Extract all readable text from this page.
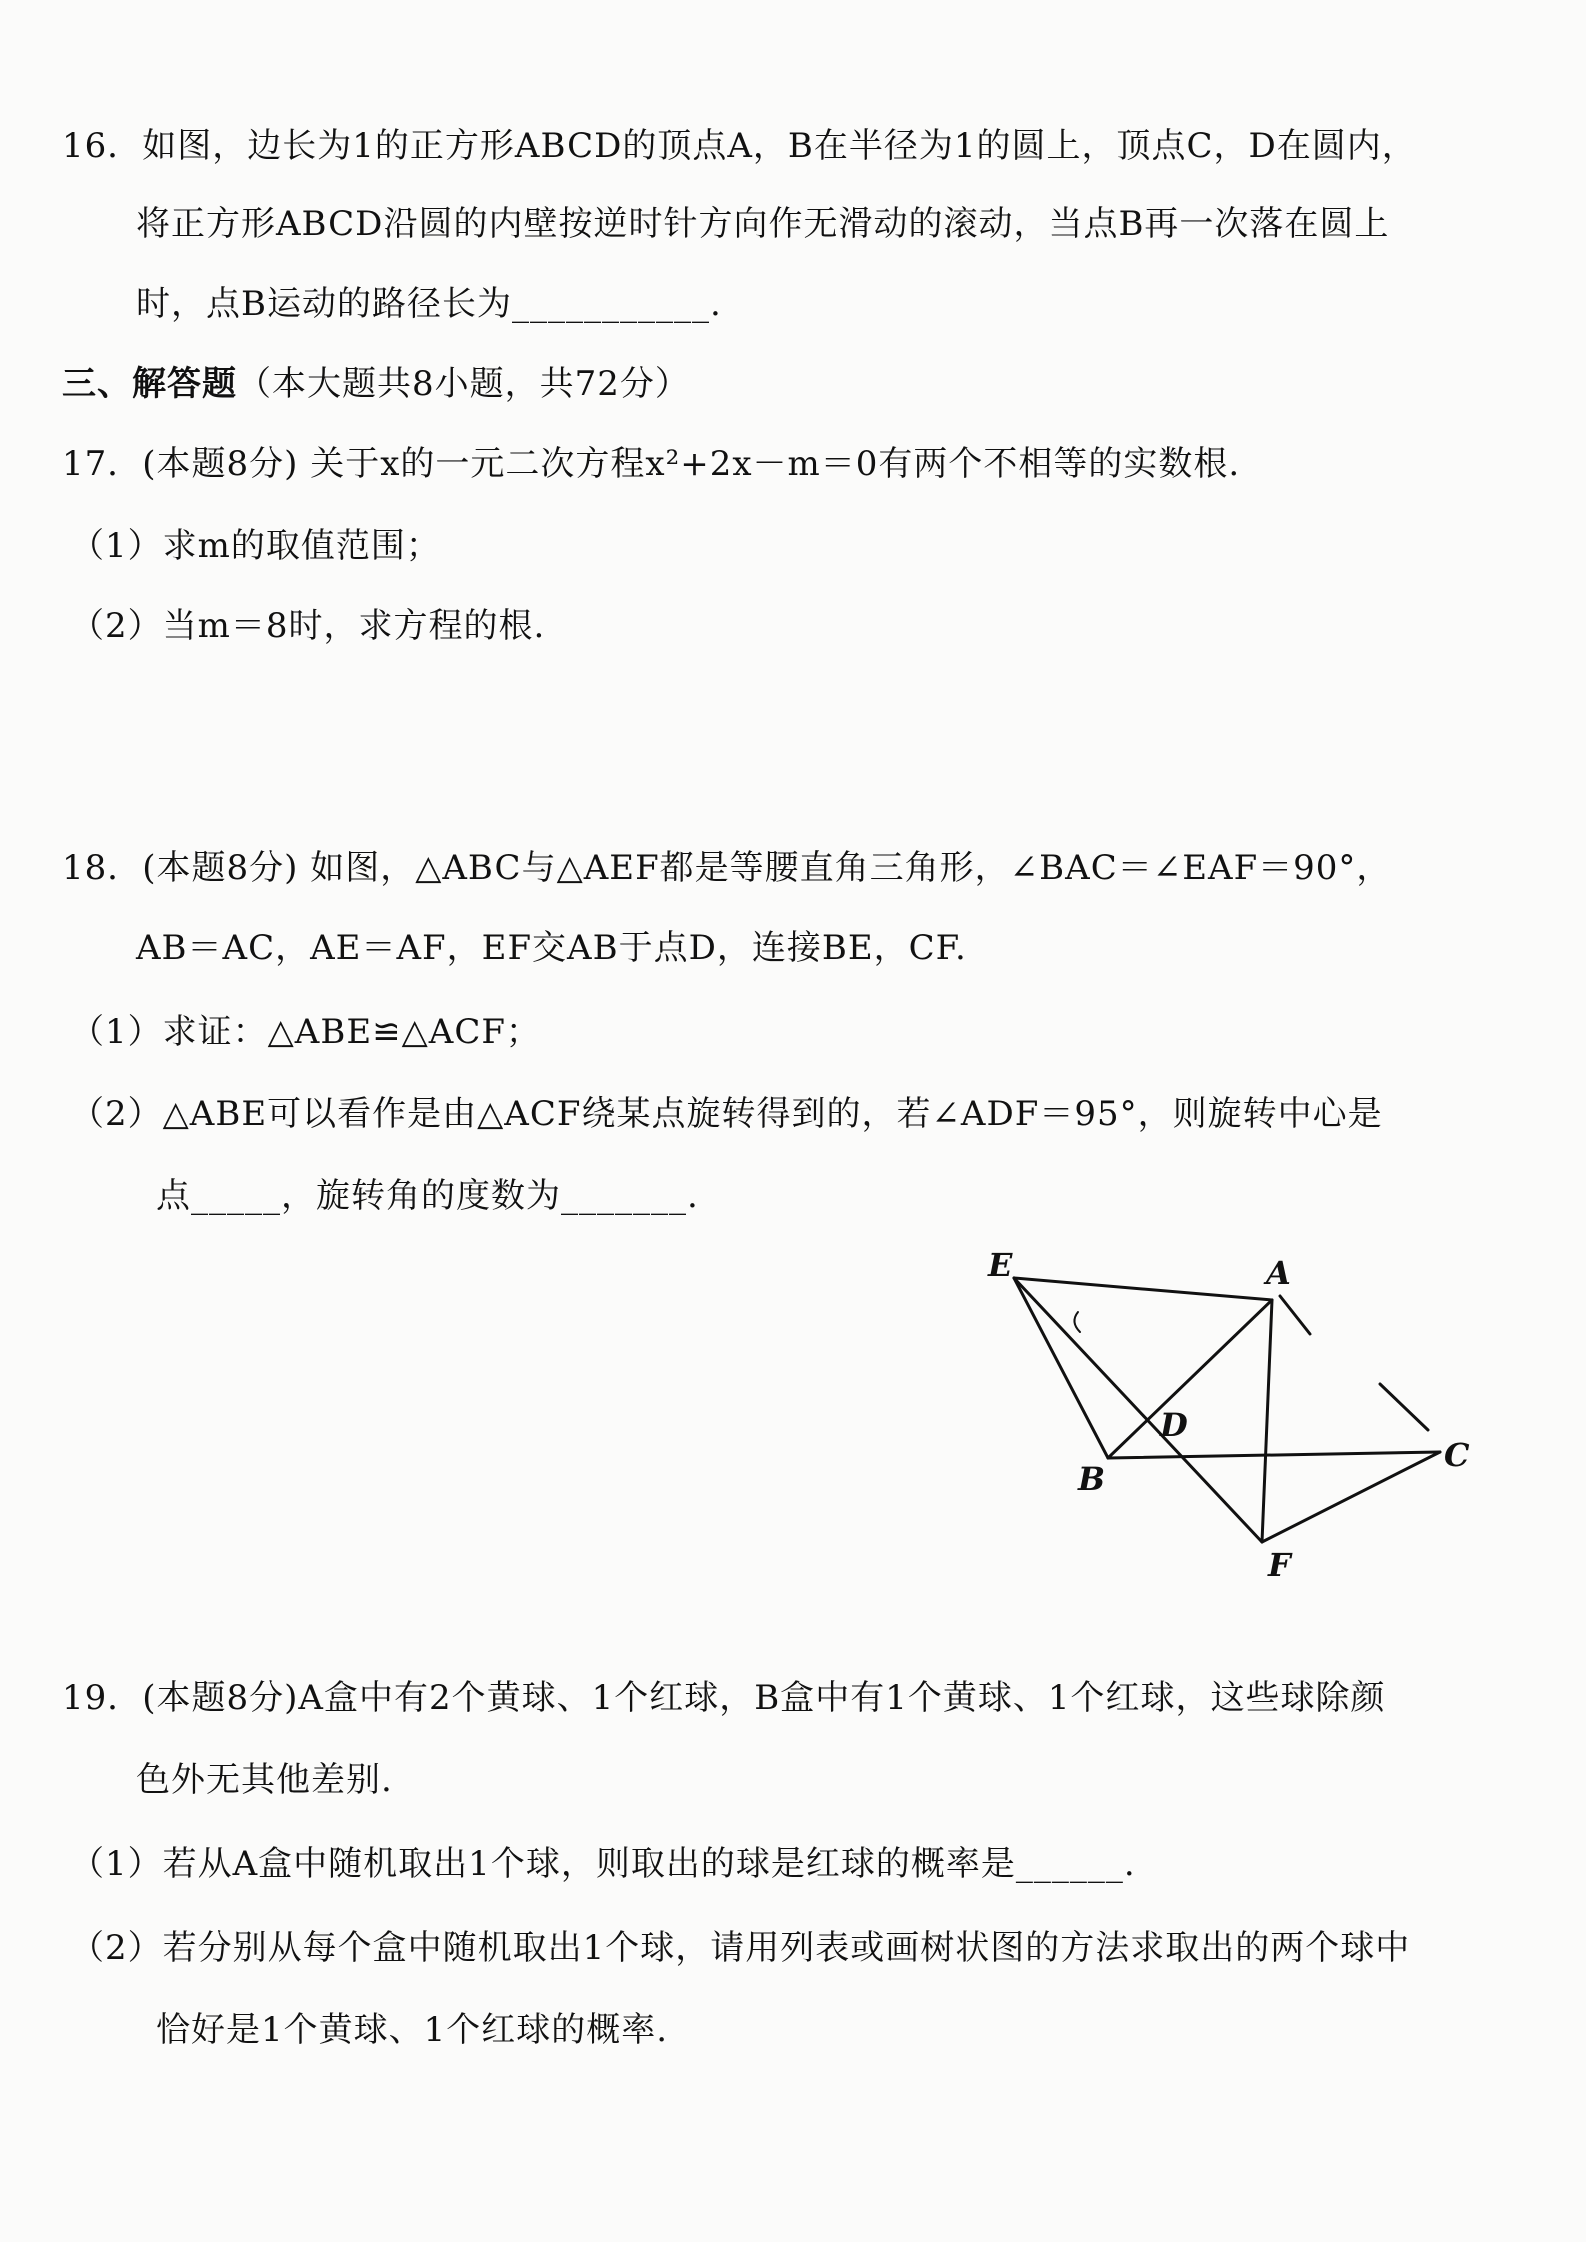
16．如图，边长为1的正方形ABCD的顶点A，B在半径为1的圆上，顶点C，D在圆内，
将正方形ABCD沿圆的内壁按逆时针方向作无滑动的滚动，当点B再一次落在圆上
时，点B运动的路径长为___________.
三、解答题（本大题共8小题，共72分）
17．(本题8分) 关于x的一元二次方程x²+2x－m＝0有两个不相等的实数根.
（1）求m的取值范围；
（2）当m＝8时，求方程的根.
18．(本题8分) 如图，△ABC与△AEF都是等腰直角三角形，∠BAC＝∠EAF＝90°，
AB＝AC，AE＝AF，EF交AB于点D，连接BE，CF.
（1）求证：△ABE≌△ACF；
（2）△ABE可以看作是由△ACF绕某点旋转得到的，若∠ADF＝95°，则旋转中心是
点_____，旋转角的度数为_______.
E	A
D
B
C
F
19．(本题8分)A盒中有2个黄球、1个红球，B盒中有1个黄球、1个红球，这些球除颜
色外无其他差别.
（1）若从A盒中随机取出1个球，则取出的球是红球的概率是______.
（2）若分别从每个盒中随机取出1个球，请用列表或画树状图的方法求取出的两个球中
恰好是1个黄球、1个红球的概率.
